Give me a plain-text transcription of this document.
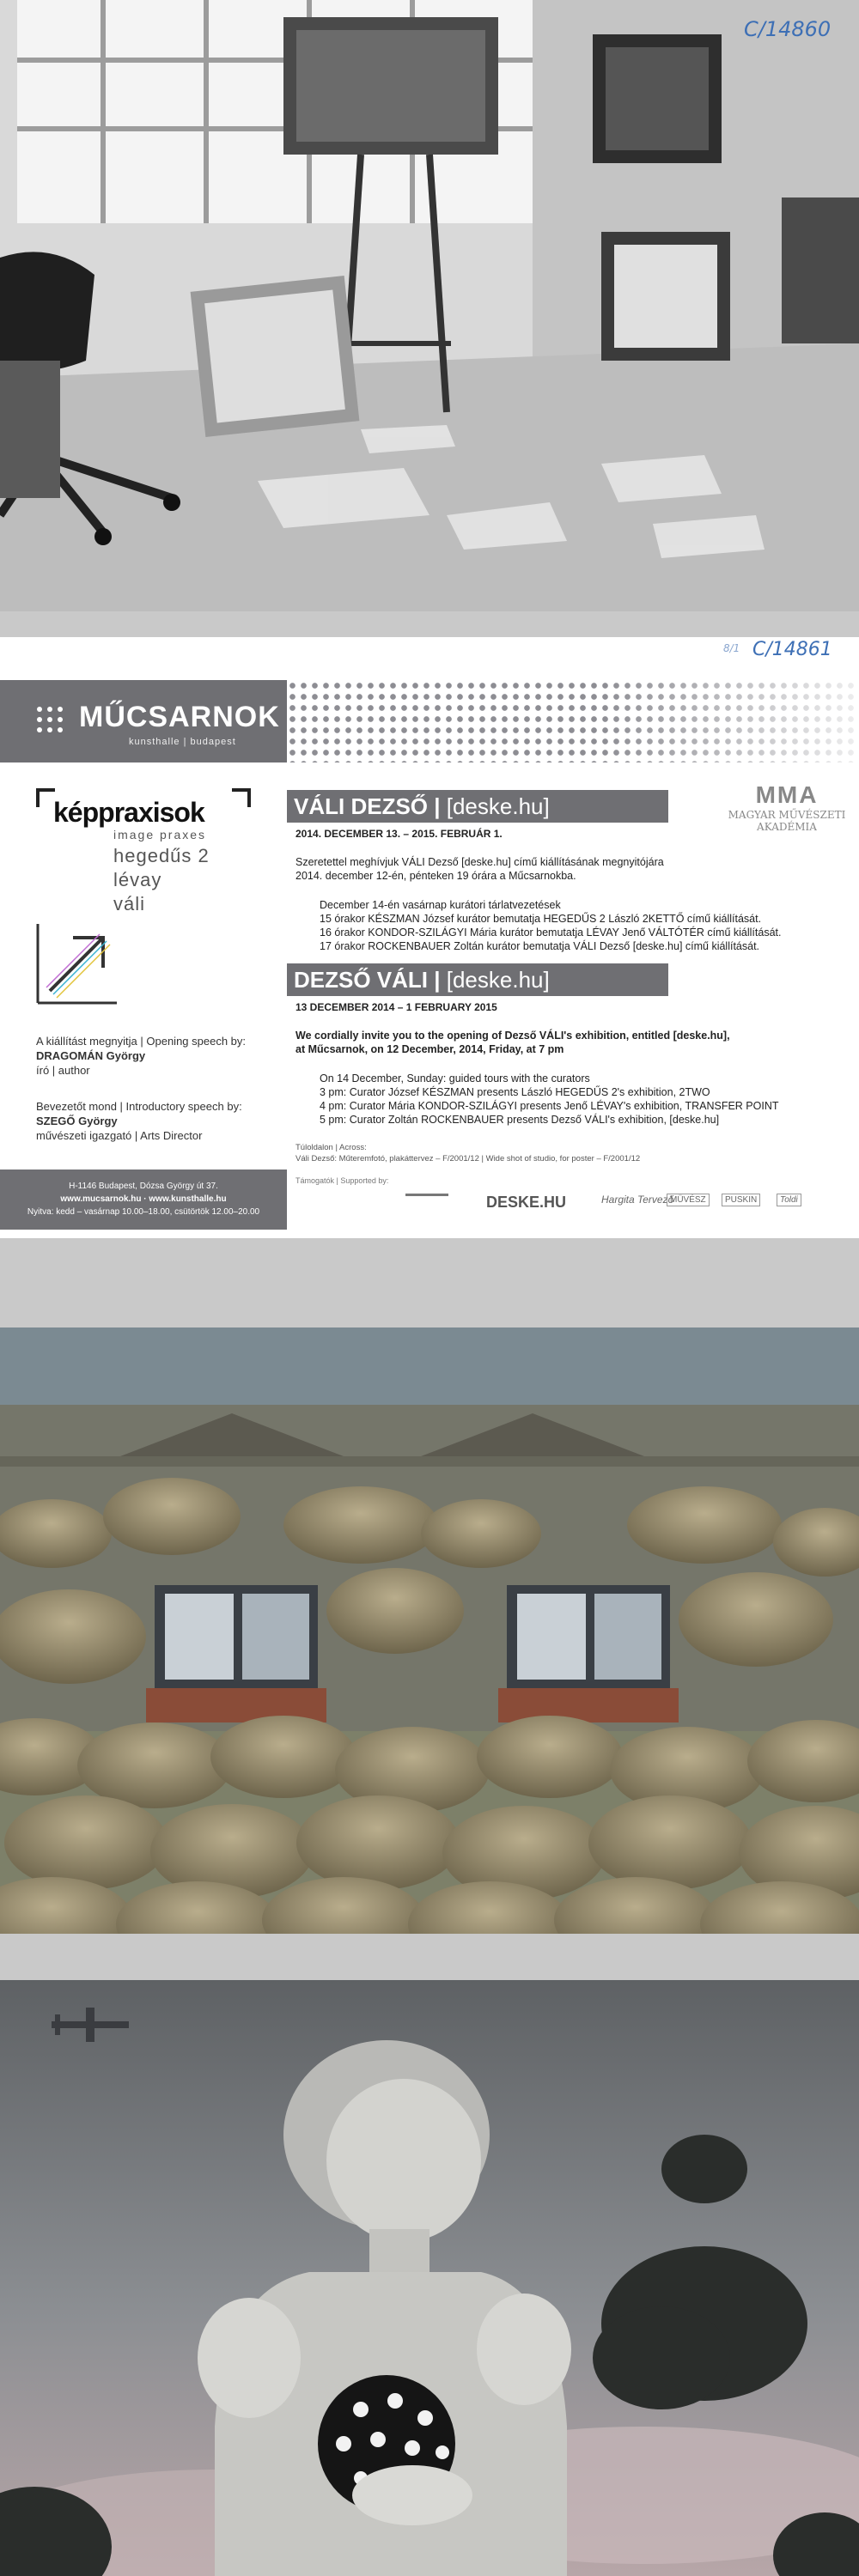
C/14860
8/1 C/14861
MŰCSARNOK
kunsthalle | budapest
képpraxisok
image praxes
hegedűs 2
lévay
váli
A kiállítást megnyitja | Opening speech by:
DRAGOMÁN György
író | author
Bevezetőt mond | Introductory speech by:
SZEGŐ György
művészeti igazgató | Arts Director
H-1146 Budapest, Dózsa György út 37.
www.mucsarnok.hu · www.kunsthalle.hu
Nyitva: kedd – vasárnap 10.00–18.00, csütörtök 12.00–20.00
MMA
MAGYAR MŰVÉSZETI
AKADÉMIA
VÁLI DEZSŐ | [deske.hu]
2014. DECEMBER 13. – 2015. FEBRUÁR 1.
Szeretettel meghívjuk VÁLI Dezső [deske.hu] című kiállításának megnyitójára
2014. december 12-én, pénteken 19 órára a Műcsarnokba.
December 14-én vasárnap kurátori tárlatvezetések
15 órakor KÉSZMAN József kurátor bemutatja HEGEDŰS 2 László 2KETTŐ című kiállítását.
16 órakor KONDOR-SZILÁGYI Mária kurátor bemutatja LÉVAY Jenő VÁLTÓTÉR című kiállítását.
17 órakor ROCKENBAUER Zoltán kurátor bemutatja VÁLI Dezső [deske.hu] című kiállítását.
DEZSŐ VÁLI | [deske.hu]
13 DECEMBER 2014 – 1 FEBRUARY 2015
We cordially invite you to the opening of Dezső VÁLI's exhibition, entitled [deske.hu],
at Műcsarnok, on 12 December, 2014, Friday, at 7 pm
On 14 December, Sunday: guided tours with the curators
3 pm: Curator József KÉSZMAN presents László HEGEDŰS 2's exhibition, 2TWO
4 pm: Curator Mária KONDOR-SZILÁGYI presents Jenő LÉVAY's exhibition, TRANSFER POINT
5 pm: Curator Zoltán ROCKENBAUER presents Dezső VÁLI's exhibition, [deske.hu]
Túloldalon | Across:
Váli Dezső: Műteremfotó, plakáttervez – F/2001/12 | Wide shot of studio, for poster – F/2001/12
Támogatók | Supported by:
DESKE.HU	Hargita Tervező
MÜVÉSZ	PUSKIN	Toldi
